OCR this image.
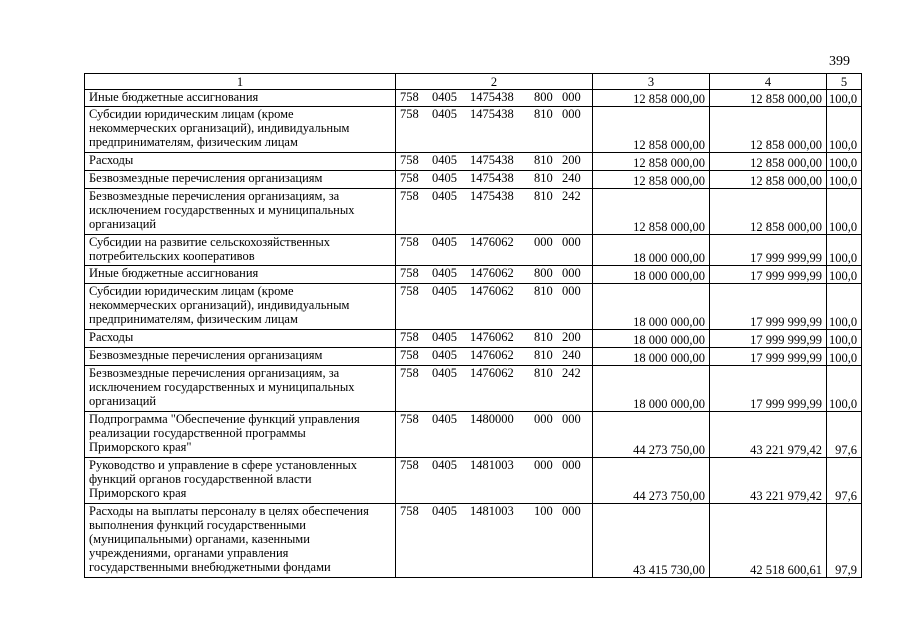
399
1	2	3	4	5
Иные бюджетные ассигнования	758 0405 1475438 800 000	12 858 000,00	12 858 000,00	100,0
Субсидии юридическим лицам (кроме
некоммерческих организаций), индивидуальным
предпринимателям, физическим лицам	758 0405 1475438 810 000	12 858 000,00	12 858 000,00	100,0
Расходы	758 0405 1475438 810 200	12 858 000,00	12 858 000,00	100,0
Безвозмездные перечисления организациям	758 0405 1475438 810 240	12 858 000,00	12 858 000,00	100,0
Безвозмездные перечисления организациям, за
исключением государственных и муниципальных
организаций	758 0405 1475438 810 242	12 858 000,00	12 858 000,00	100,0
Субсидии на развитие сельскохозяйственных
потребительских кооперативов	758 0405 1476062 000 000	18 000 000,00	17 999 999,99	100,0
Иные бюджетные ассигнования	758 0405 1476062 800 000	18 000 000,00	17 999 999,99	100,0
Субсидии юридическим лицам (кроме
некоммерческих организаций), индивидуальным
предпринимателям, физическим лицам	758 0405 1476062 810 000	18 000 000,00	17 999 999,99	100,0
Расходы	758 0405 1476062 810 200	18 000 000,00	17 999 999,99	100,0
Безвозмездные перечисления организациям	758 0405 1476062 810 240	18 000 000,00	17 999 999,99	100,0
Безвозмездные перечисления организациям, за
исключением государственных и муниципальных
организаций	758 0405 1476062 810 242	18 000 000,00	17 999 999,99	100,0
Подпрограмма "Обеспечение функций управления
реализации государственной программы
Приморского края"	758 0405 1480000 000 000	44 273 750,00	43 221 979,42	97,6
Руководство и управление в сфере установленных
функций органов государственной власти
Приморского края	758 0405 1481003 000 000	44 273 750,00	43 221 979,42	97,6
Расходы на выплаты персоналу в целях обеспечения
выполнения функций государственными
(муниципальными) органами, казенными
учреждениями, органами управления
государственными внебюджетными фондами	758 0405 1481003 100 000	43 415 730,00	42 518 600,61	97,9
